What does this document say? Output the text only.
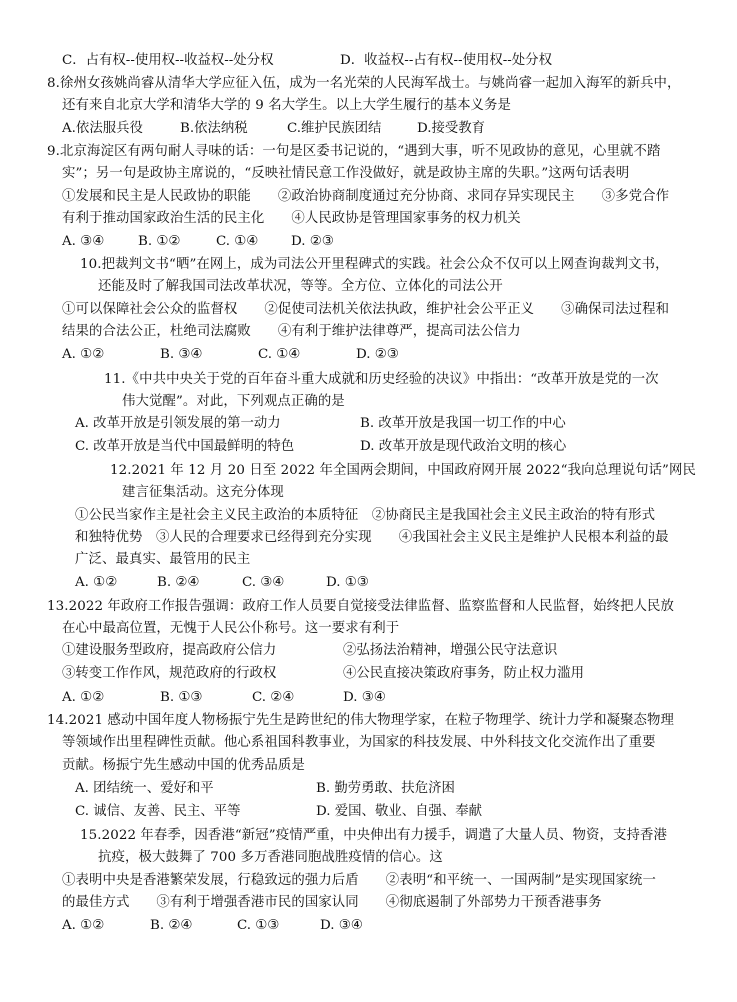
C．占有权--使用权--收益权--处分权	D．收益权--占有权--使用权--处分权
8.徐州女孩姚尚睿从清华大学应征入伍，成为一名光荣的人民海军战士。与姚尚睿一起加入海军的新兵中，
还有来自北京大学和清华大学的 9 名大学生。以上大学生履行的基本义务是
A.依法服兵役	B.依法纳税	C.维护民族团结	D.接受教育
9.北京海淀区有两句耐人寻味的话：一句是区委书记说的，“遇到大事，听不见政协的意见，心里就不踏
实”；另一句是政协主席说的，“反映社情民意工作没做好，就是政协主席的失职。”这两句话表明
①发展和民主是人民政协的职能　　②政治协商制度通过充分协商、求同存异实现民主　　③多党合作
有利于推动国家政治生活的民主化　　④人民政协是管理国家事务的权力机关
A. ③④	B. ①②	C. ①④ D. ②③
10.把裁判文书“晒”在网上，成为司法公开里程碑式的实践。社会公众不仅可以上网查询裁判文书，
还能及时了解我国司法改革状况，等等。全方位、立体化的司法公开
①可以保障社会公众的监督权　　②促使司法机关依法执政，维护社会公平正义　　③确保司法过程和
结果的合法公正，杜绝司法腐败　　④有利于维护法律尊严，提高司法公信力
A. ①②	B. ③④	C. ①④	D. ②③
11.《中共中央关于党的百年奋斗重大成就和历史经验的决议》中指出：“改革开放是党的一次
伟大觉醒”。对此，下列观点正确的是
A. 改革开放是引领发展的第一动力	B. 改革开放是我国一切工作的中心
C. 改革开放是当代中国最鲜明的特色	D. 改革开放是现代政治文明的核心
12.2021 年 12 月 20 日至 2022 年全国两会期间，中国政府网开展 2022“我向总理说句话”网民
建言征集活动。这充分体现
①公民当家作主是社会主义民主政治的本质特征　②协商民主是我国社会主义民主政治的特有形式
和独特优势　③人民的合理要求已经得到充分实现　　④我国社会主义民主是维护人民根本利益的最
广泛、最真实、最管用的民主
A. ①②	B. ②④	C. ③④	D. ①③
13.2022 年政府工作报告强调：政府工作人员要自觉接受法律监督、监察监督和人民监督，始终把人民放
在心中最高位置，无愧于人民公仆称号。这一要求有利于
①建设服务型政府，提高政府公信力	②弘扬法治精神，增强公民守法意识
③转变工作作风，规范政府的行政权	④公民直接决策政府事务，防止权力滥用
A. ①②	B. ①③	C. ②④	D. ③④
14.2021 感动中国年度人物杨振宁先生是跨世纪的伟大物理学家，在粒子物理学、统计力学和凝聚态物理
等领域作出里程碑性贡献。他心系祖国科教事业，为国家的科技发展、中外科技文化交流作出了重要
贡献。杨振宁先生感动中国的优秀品质是
A. 团结统一、爱好和平	B. 勤劳勇敢、扶危济困
C. 诚信、友善、民主、平等	D. 爱国、敬业、自强、奉献
15.2022 年春季，因香港“新冠”疫情严重，中央伸出有力援手，调遣了大量人员、物资，支持香港
抗疫，极大鼓舞了 700 多万香港同胞战胜疫情的信心。这
①表明中央是香港繁荣发展，行稳致远的强力后盾　　②表明“和平统一、一国两制”是实现国家统一
的最佳方式　　③有利于增强香港市民的国家认同　　④彻底遏制了外部势力干预香港事务
A. ①②	B. ②④	C. ①③	D. ③④
